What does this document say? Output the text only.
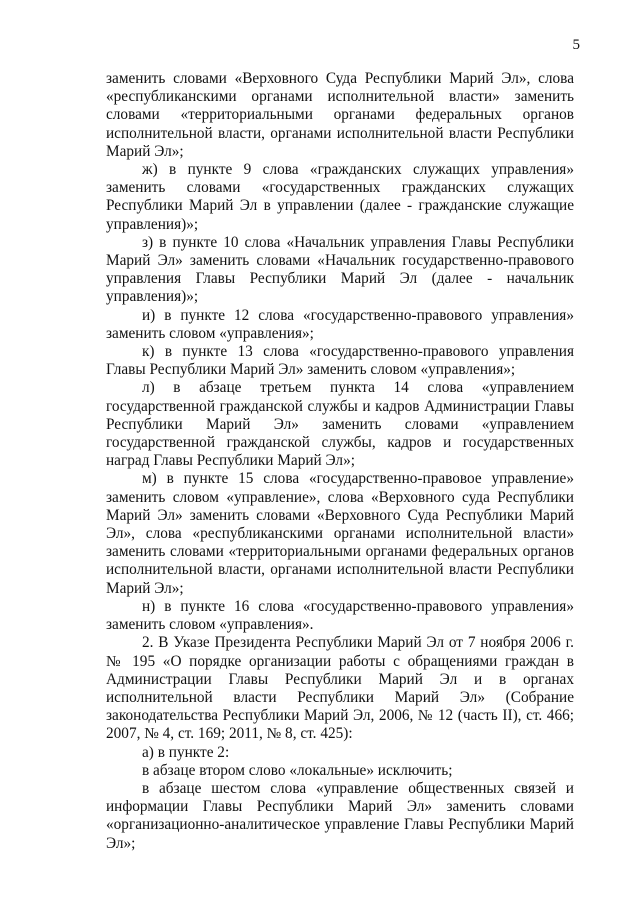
5

заменить словами «Верховного Суда Республики Марий Эл», слова «республиканскими органами исполнительной власти» заменить словами «территориальными органами федеральных органов исполнительной власти, органами исполнительной власти Республики Марий Эл»;

ж) в пункте 9 слова «гражданских служащих управления» заменить словами «государственных гражданских служащих Республики Марий Эл в управлении (далее - гражданские служащие управления)»;

з) в пункте 10 слова «Начальник управления Главы Республики Марий Эл» заменить словами «Начальник государственно-правового управления Главы Республики Марий Эл (далее - начальник управления)»;

и) в пункте 12 слова «государственно-правового управления» заменить словом «управления»;

к) в пункте 13 слова «государственно-правового управления Главы Республики Марий Эл» заменить словом «управления»;

л) в абзаце третьем пункта 14 слова «управлением государственной гражданской службы и кадров Администрации Главы Республики Марий Эл» заменить словами «управлением государственной гражданской службы, кадров и государственных наград Главы Республики Марий Эл»;

м) в пункте 15 слова «государственно-правовое управление» заменить словом «управление», слова «Верховного суда Республики Марий Эл» заменить словами «Верховного Суда Республики Марий Эл», слова «республиканскими органами исполнительной власти» заменить словами «территориальными органами федеральных органов исполнительной власти, органами исполнительной власти Республики Марий Эл»;

н) в пункте 16 слова «государственно-правового управления» заменить словом «управления».

2. В Указе Президента Республики Марий Эл от 7 ноября 2006 г. № 195 «О порядке организации работы с обращениями граждан в Администрации Главы Республики Марий Эл и в органах исполнительной власти Республики Марий Эл» (Собрание законодательства Республики Марий Эл, 2006, № 12 (часть II), ст. 466; 2007, № 4, ст. 169; 2011, № 8, ст. 425):

а) в пункте 2:

в абзаце втором слово «локальные» исключить;

в абзаце шестом слова «управление общественных связей и информации Главы Республики Марий Эл» заменить словами «организационно-аналитическое управление Главы Республики Марий Эл»;
